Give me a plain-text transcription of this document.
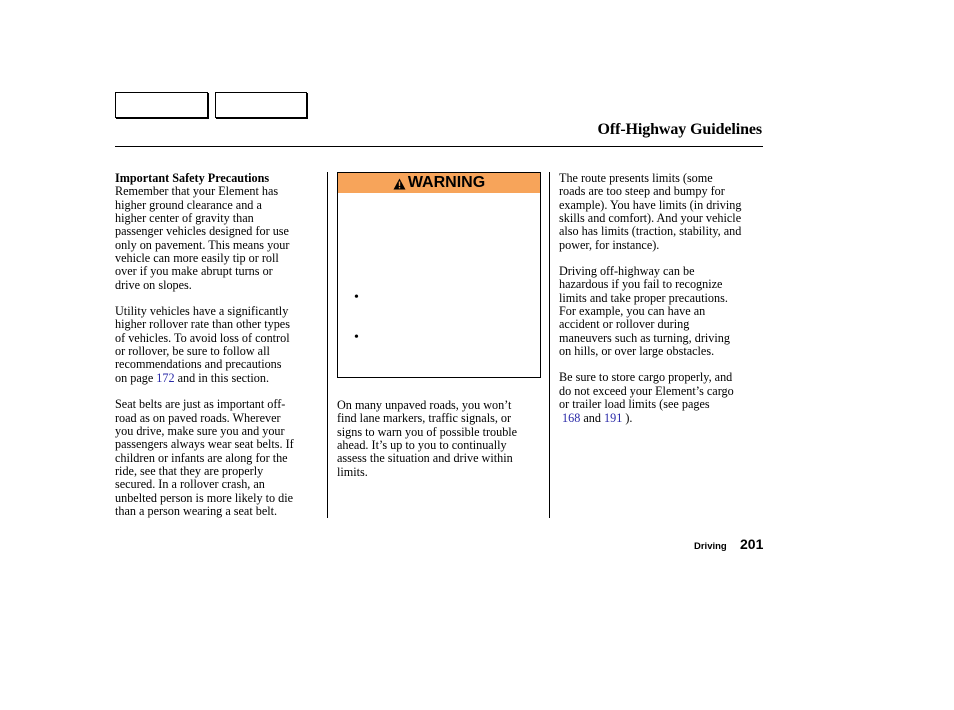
Off-Highway Guidelines

Important Safety Precautions

Remember that your Element has

higher ground clearance and a

higher center of gravity than

passenger vehicles designed for use

only on pavement. This means your

vehicle can more easily tip or roll

over if you make abrupt turns or

drive on slopes.

Utility vehicles have a significantly

higher rollover rate than other types

of vehicles. To avoid loss of control

or rollover, be sure to follow all

recommendations and precautions

on page 172 and in this section.

Seat belts are just as important off-

road as on paved roads. Wherever

you drive, make sure you and your

passengers always wear seat belts. If

children or infants are along for the

ride, see that they are properly

secured. In a rollover crash, an

unbelted person is more likely to die

than a person wearing a seat belt.

WARNING
•
•

On many unpaved roads, you won’t

find lane markers, traffic signals, or

signs to warn you of possible trouble

ahead. It’s up to you to continually

assess the situation and drive within

limits.

The route presents limits (some

roads are too steep and bumpy for

example). You have limits (in driving

skills and comfort). And your vehicle

also has limits (traction, stability, and

power, for instance).

Driving off-highway can be

hazardous if you fail to recognize

limits and take proper precautions.

For example, you can have an

accident or rollover during

maneuvers such as turning, driving

on hills, or over large obstacles.

Be sure to store cargo properly, and

do not exceed your Element’s cargo

or trailer load limits (see pages

168 and 191 ).

Driving 201
